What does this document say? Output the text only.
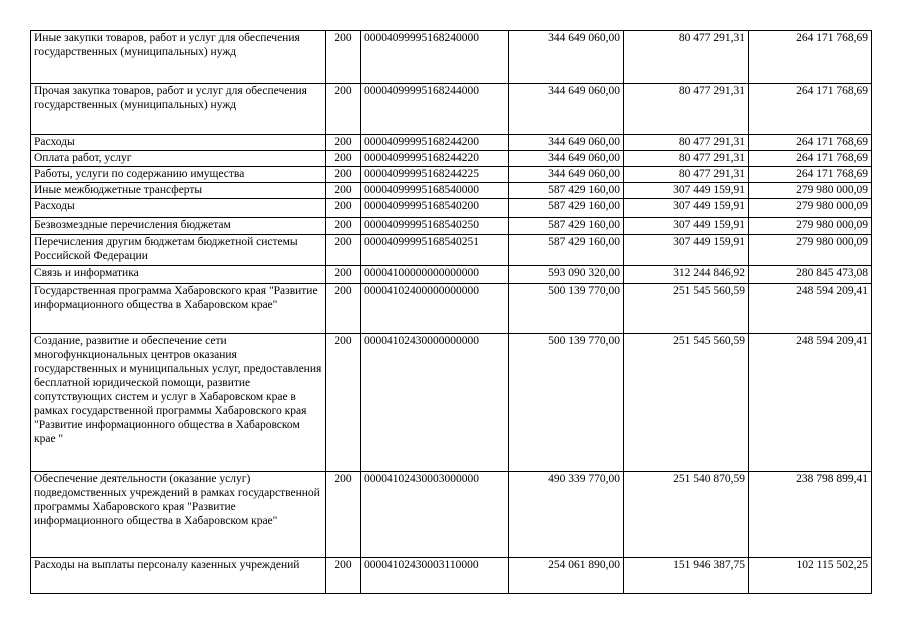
Иные закупки товаров, работ и услуг для обеспечения государственных (муниципальных) нужд	200	00004099995168240000	344 649 060,00	80 477 291,31	264 171 768,69
Прочая закупка товаров, работ и услуг для обеспечения государственных (муниципальных) нужд	200	00004099995168244000	344 649 060,00	80 477 291,31	264 171 768,69
Расходы	200	00004099995168244200	344 649 060,00	80 477 291,31	264 171 768,69
Оплата работ, услуг	200	00004099995168244220	344 649 060,00	80 477 291,31	264 171 768,69
Работы, услуги по содержанию имущества	200	00004099995168244225	344 649 060,00	80 477 291,31	264 171 768,69
Иные межбюджетные трансферты	200	00004099995168540000	587 429 160,00	307 449 159,91	279 980 000,09
Расходы	200	00004099995168540200	587 429 160,00	307 449 159,91	279 980 000,09
Безвозмездные перечисления бюджетам	200	00004099995168540250	587 429 160,00	307 449 159,91	279 980 000,09
Перечисления другим бюджетам бюджетной системы Российской Федерации	200	00004099995168540251	587 429 160,00	307 449 159,91	279 980 000,09
Связь и информатика	200	00004100000000000000	593 090 320,00	312 244 846,92	280 845 473,08
Государственная программа Хабаровского края "Развитие информационного общества в Хабаровском крае"	200	00004102400000000000	500 139 770,00	251 545 560,59	248 594 209,41
Создание, развитие и обеспечение сети многофункциональных центров оказания государственных и муниципальных услуг, предоставления бесплатной юридической помощи, развитие сопутствующих систем и услуг в Хабаровском крае в рамках государственной программы Хабаровского края "Развитие информационного общества в Хабаровском крае "	200	00004102430000000000	500 139 770,00	251 545 560,59	248 594 209,41
Обеспечение деятельности (оказание услуг) подведомственных учреждений в рамках государственной программы Хабаровского края "Развитие информационного общества в Хабаровском крае"	200	00004102430003000000	490 339 770,00	251 540 870,59	238 798 899,41
Расходы на выплаты персоналу казенных учреждений	200	00004102430003110000	254 061 890,00	151 946 387,75	102 115 502,25
